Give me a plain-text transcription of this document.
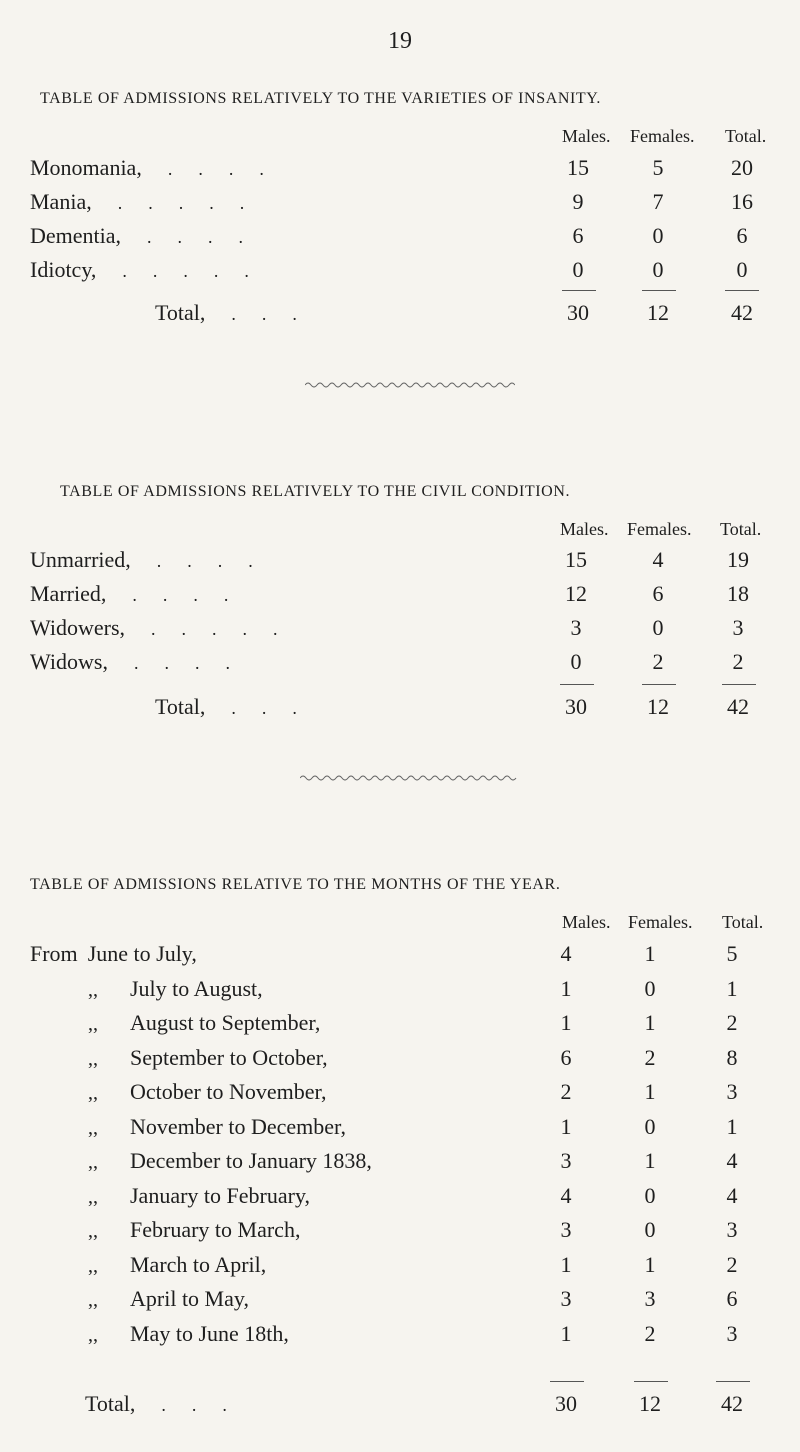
19
TABLE OF ADMISSIONS RELATIVELY TO THE VARIETIES OF INSANITY.
Males. Females. Total.
Monomania, ....	15	5	20
Mania, .....	9	7	16
Dementia, ....	6	0	6
Idiotcy, .....	0	0	0
Total, ...	30	12	42
TABLE OF ADMISSIONS RELATIVELY TO THE CIVIL CONDITION.
Males. Females. Total.
Unmarried, ....	15	4	19
Married, ....	12	6	18
Widowers, .....	3	0	3
Widows, ....	0	2	2
Total, ...	30	12	42
TABLE OF ADMISSIONS RELATIVE TO THE MONTHS OF THE YEAR.
Males. Females. Total.
From June to July,	4	1	5
,, July to August,	1	0	1
,, August to September,	1	1	2
,, September to October,	6	2	8
,, October to November,	2	1	3
,, November to December,	1	0	1
,, December to January 1838,	3	1	4
,, January to February,	4	0	4
,, February to March,	3	0	3
,, March to April,	1	1	2
,, April to May,	3	3	6
,, May to June 18th,	1	2	3
Total, ...	30	12	42
